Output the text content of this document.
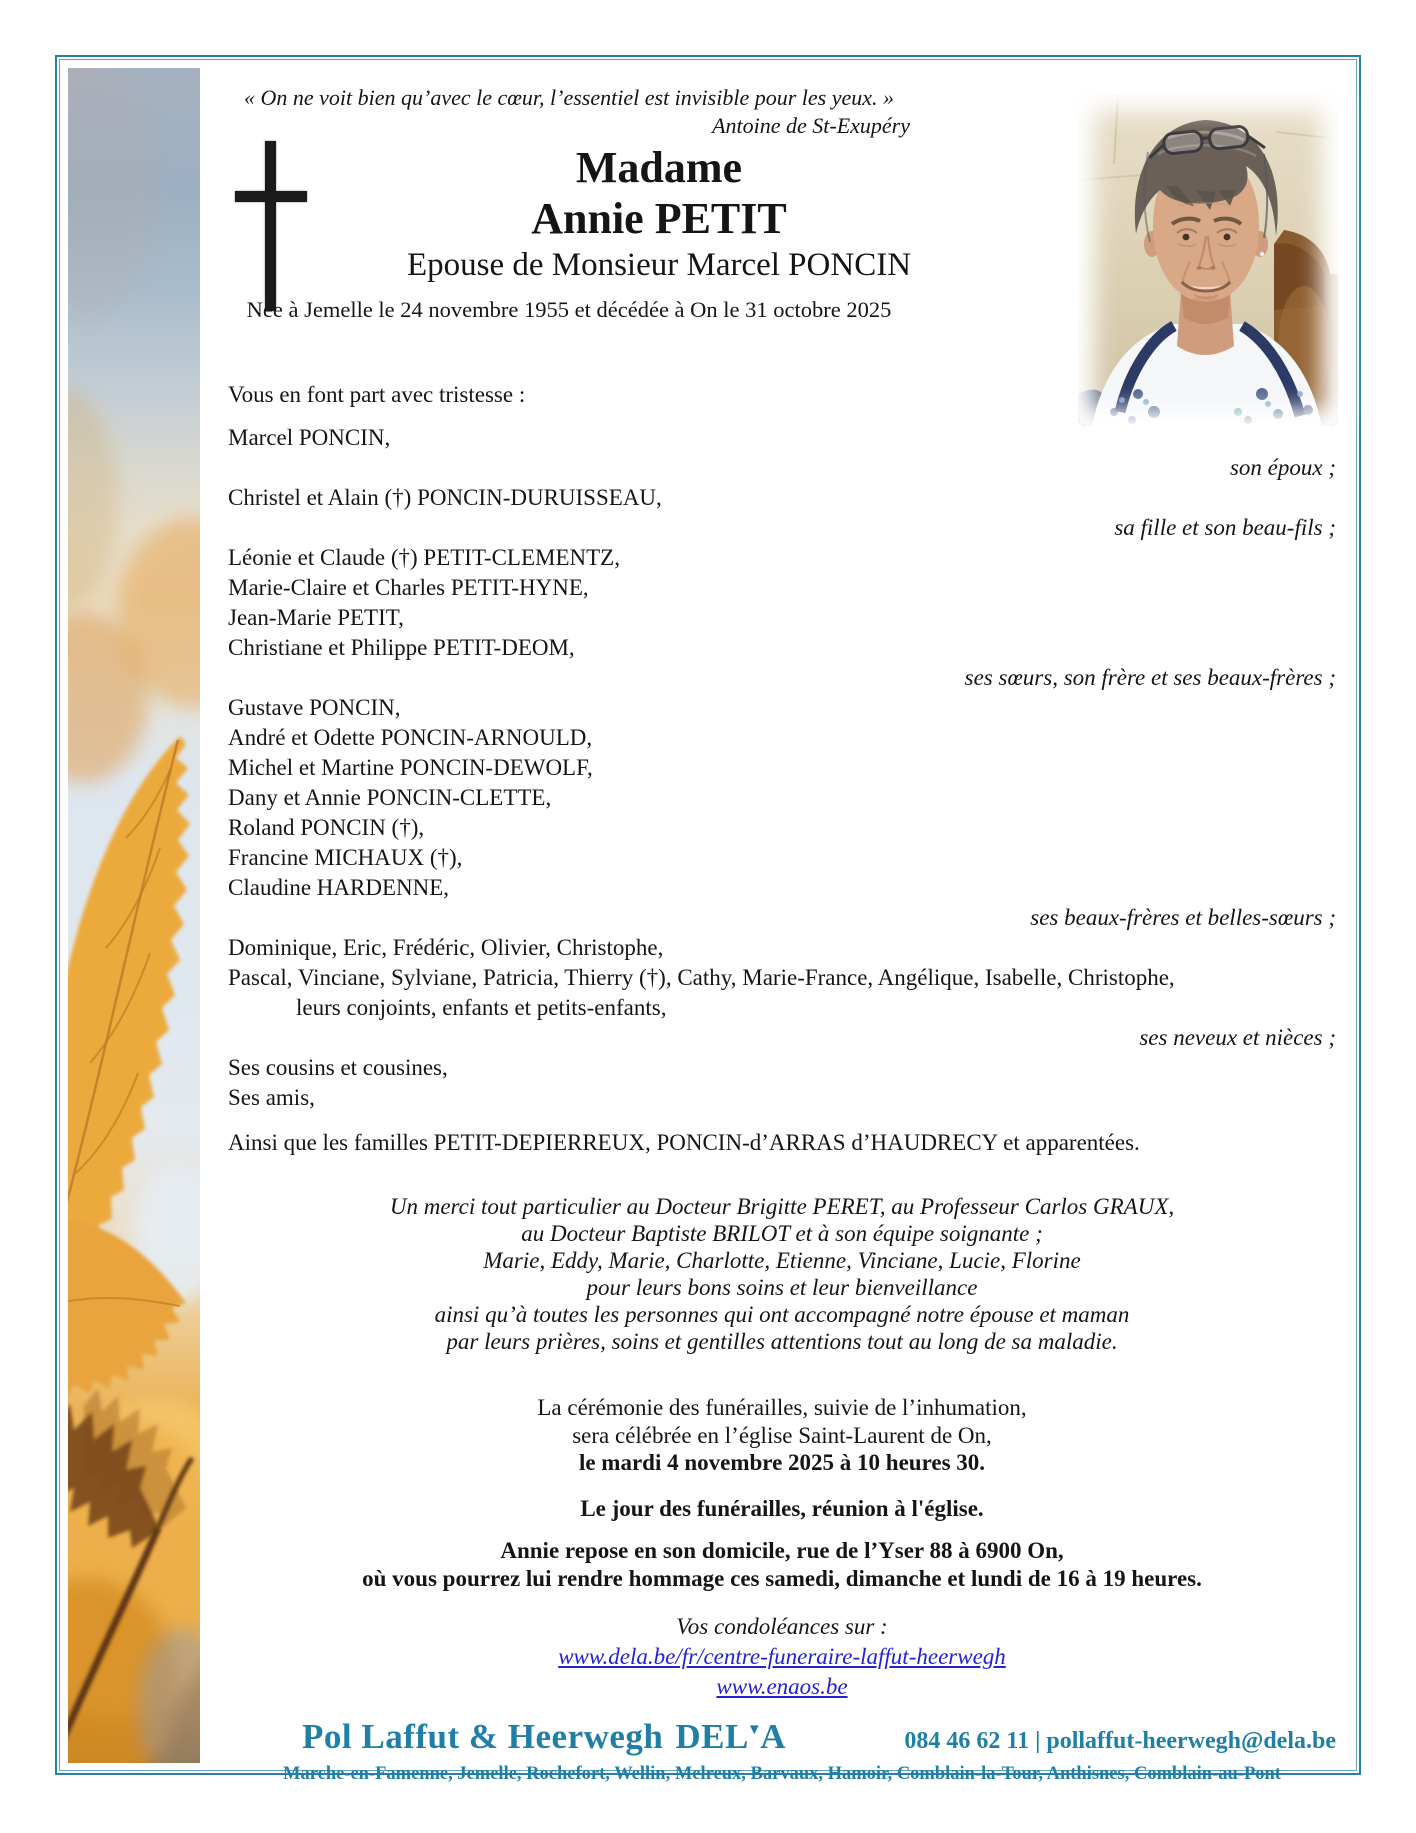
« On ne voit bien qu’avec le cœur, l’essentiel est invisible pour les yeux. »
Antoine de St-Exupéry
Madame
Annie PETIT
Epouse de Monsieur Marcel PONCIN
Née à Jemelle le 24 novembre 1955 et décédée à On le 31 octobre 2025
Vous en font part avec tristesse :
Marcel PONCIN,
son époux ;
Christel et Alain (†) PONCIN-DURUISSEAU,
sa fille et son beau-fils ;
Léonie et Claude (†) PETIT-CLEMENTZ,
Marie-Claire et Charles PETIT-HYNE,
Jean-Marie PETIT,
Christiane et Philippe PETIT-DEOM,
ses sœurs, son frère et ses beaux-frères ;
Gustave PONCIN,
André et Odette PONCIN-ARNOULD,
Michel et Martine PONCIN-DEWOLF,
Dany et Annie PONCIN-CLETTE,
Roland PONCIN (†),
Francine MICHAUX (†),
Claudine HARDENNE,
ses beaux-frères et belles-sœurs ;
Dominique, Eric, Frédéric, Olivier, Christophe,
Pascal, Vinciane, Sylviane, Patricia, Thierry (†), Cathy, Marie-France, Angélique, Isabelle, Christophe,
leurs conjoints, enfants et petits-enfants,
ses neveux et nièces ;
Ses cousins et cousines,
Ses amis,
Ainsi que les familles PETIT-DEPIERREUX, PONCIN-d’ARRAS d’HAUDRECY et apparentées.
Un merci tout particulier au Docteur Brigitte PERET, au Professeur Carlos GRAUX,
au Docteur Baptiste BRILOT et à son équipe soignante ;
Marie, Eddy, Marie, Charlotte, Etienne, Vinciane, Lucie, Florine
pour leurs bons soins et leur bienveillance
ainsi qu’à toutes les personnes qui ont accompagné notre épouse et maman
par leurs prières, soins et gentilles attentions tout au long de sa maladie.
La cérémonie des funérailles, suivie de l’inhumation,
sera célébrée en l’église Saint-Laurent de On,
le mardi 4 novembre 2025 à 10 heures 30.
Le jour des funérailles, réunion à l'église.
Annie repose en son domicile, rue de l’Yser 88 à 6900 On,
où vous pourrez lui rendre hommage ces samedi, dimanche et lundi de 16 à 19 heures.
Vos condoléances sur :
www.dela.be/fr/centre-funeraire-laffut-heerwegh
www.enaos.be
Pol Laffut & Heerwegh DEL▼A	084 46 62 11 | pollaffut-heerwegh@dela.be
Marche-en-Famenne, Jemelle, Rochefort, Wellin, Melreux, Barvaux, Hamoir, Comblain-la-Tour, Anthisnes, Comblain-au-Pont
